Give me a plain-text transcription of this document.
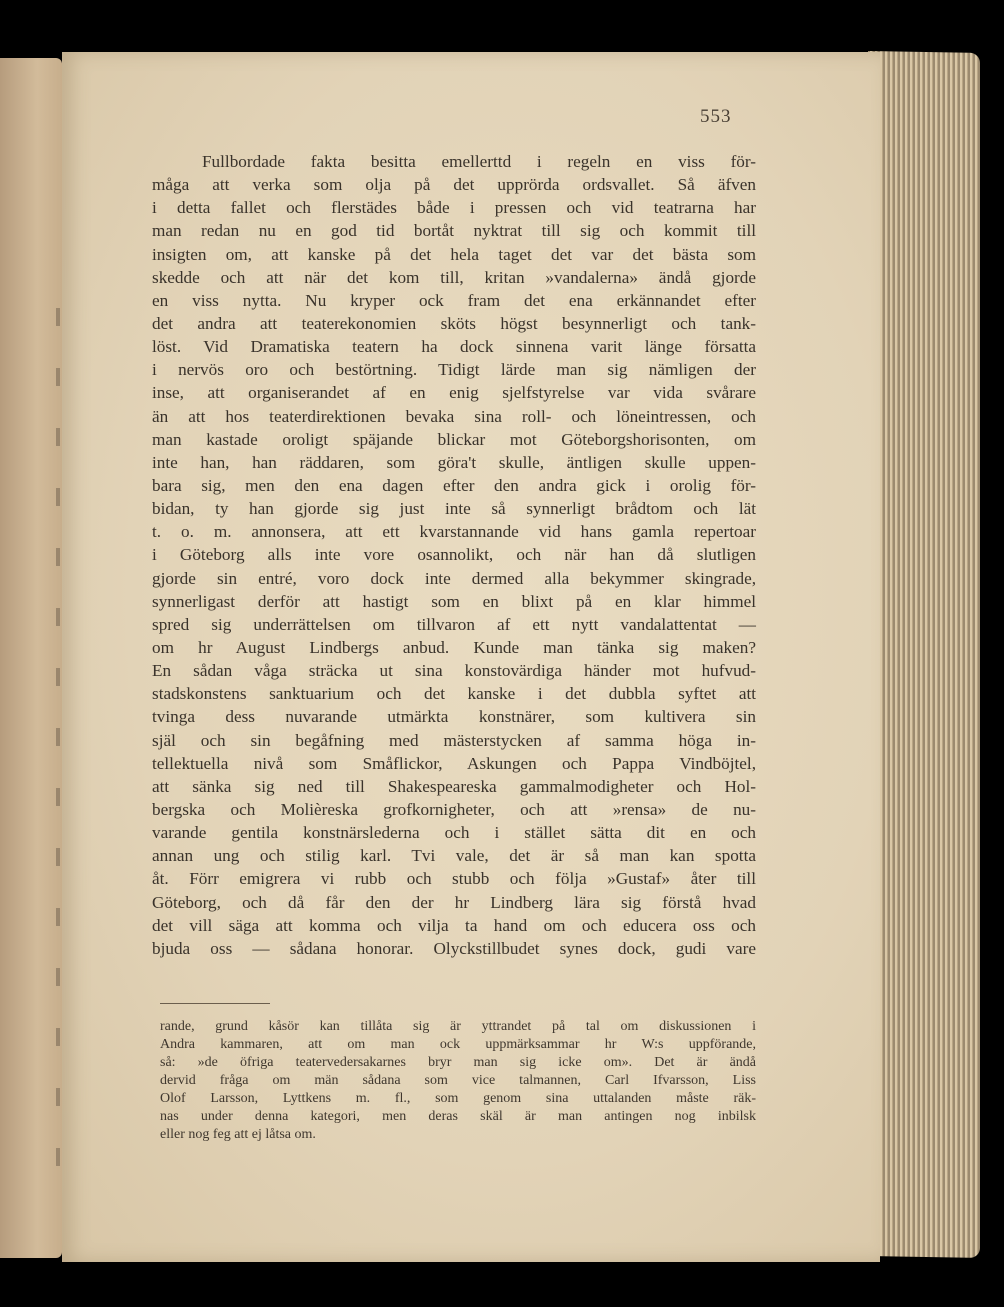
553
Fullbordade fakta besitta emellerttd i regeln en viss för-
måga att verka som olja på det upprörda ordsvallet. Så äfven
i detta fallet och flerstädes både i pressen och vid teatrarna har
man redan nu en god tid bortåt nyktrat till sig och kommit till
insigten om, att kanske på det hela taget det var det bästa som
skedde och att när det kom till, kritan »vandalerna» ändå gjorde
en viss nytta. Nu kryper ock fram det ena erkännandet efter
det andra att teaterekonomien sköts högst besynnerligt och tank-
löst. Vid Dramatiska teatern ha dock sinnena varit länge försatta
i nervös oro och bestörtning. Tidigt lärde man sig nämligen der
inse, att organiserandet af en enig sjelfstyrelse var vida svårare
än att hos teaterdirektionen bevaka sina roll- och löneintressen, och
man kastade oroligt späjande blickar mot Göteborgshorisonten, om
inte han, han räddaren, som göra't skulle, äntligen skulle uppen-
bara sig, men den ena dagen efter den andra gick i orolig för-
bidan, ty han gjorde sig just inte så synnerligt brådtom och lät
t. o. m. annonsera, att ett kvarstannande vid hans gamla repertoar
i Göteborg alls inte vore osannolikt, och när han då slutligen
gjorde sin entré, voro dock inte dermed alla bekymmer skingrade,
synnerligast derför att hastigt som en blixt på en klar himmel
spred sig underrättelsen om tillvaron af ett nytt vandalattentat —
om hr August Lindbergs anbud. Kunde man tänka sig maken?
En sådan våga sträcka ut sina konstovärdiga händer mot hufvud-
stadskonstens sanktuarium och det kanske i det dubbla syftet att
tvinga dess nuvarande utmärkta konstnärer, som kultivera sin
själ och sin begåfning med mästerstycken af samma höga in-
tellektuella nivå som Småflickor, Askungen och Pappa Vindböjtel,
att sänka sig ned till Shakespeareska gammalmodigheter och Hol-
bergska och Molièreska grofkornigheter, och att »rensa» de nu-
varande gentila konstnärslederna och i stället sätta dit en och
annan ung och stilig karl. Tvi vale, det är så man kan spotta
åt. Förr emigrera vi rubb och stubb och följa »Gustaf» åter till
Göteborg, och då får den der hr Lindberg lära sig förstå hvad
det vill säga att komma och vilja ta hand om och educera oss och
bjuda oss — sådana honorar. Olyckstillbudet synes dock, gudi vare
rande, grund kåsör kan tillåta sig är yttrandet på tal om diskussionen i
Andra kammaren, att om man ock uppmärksammar hr W:s uppförande,
så: »de öfriga teatervedersakarnes bryr man sig icke om». Det är ändå
dervid fråga om män sådana som vice talmannen, Carl Ifvarsson, Liss
Olof Larsson, Lyttkens m. fl., som genom sina uttalanden måste räk-
nas under denna kategori, men deras skäl är man antingen nog inbilsk
eller nog feg att ej låtsa om.
